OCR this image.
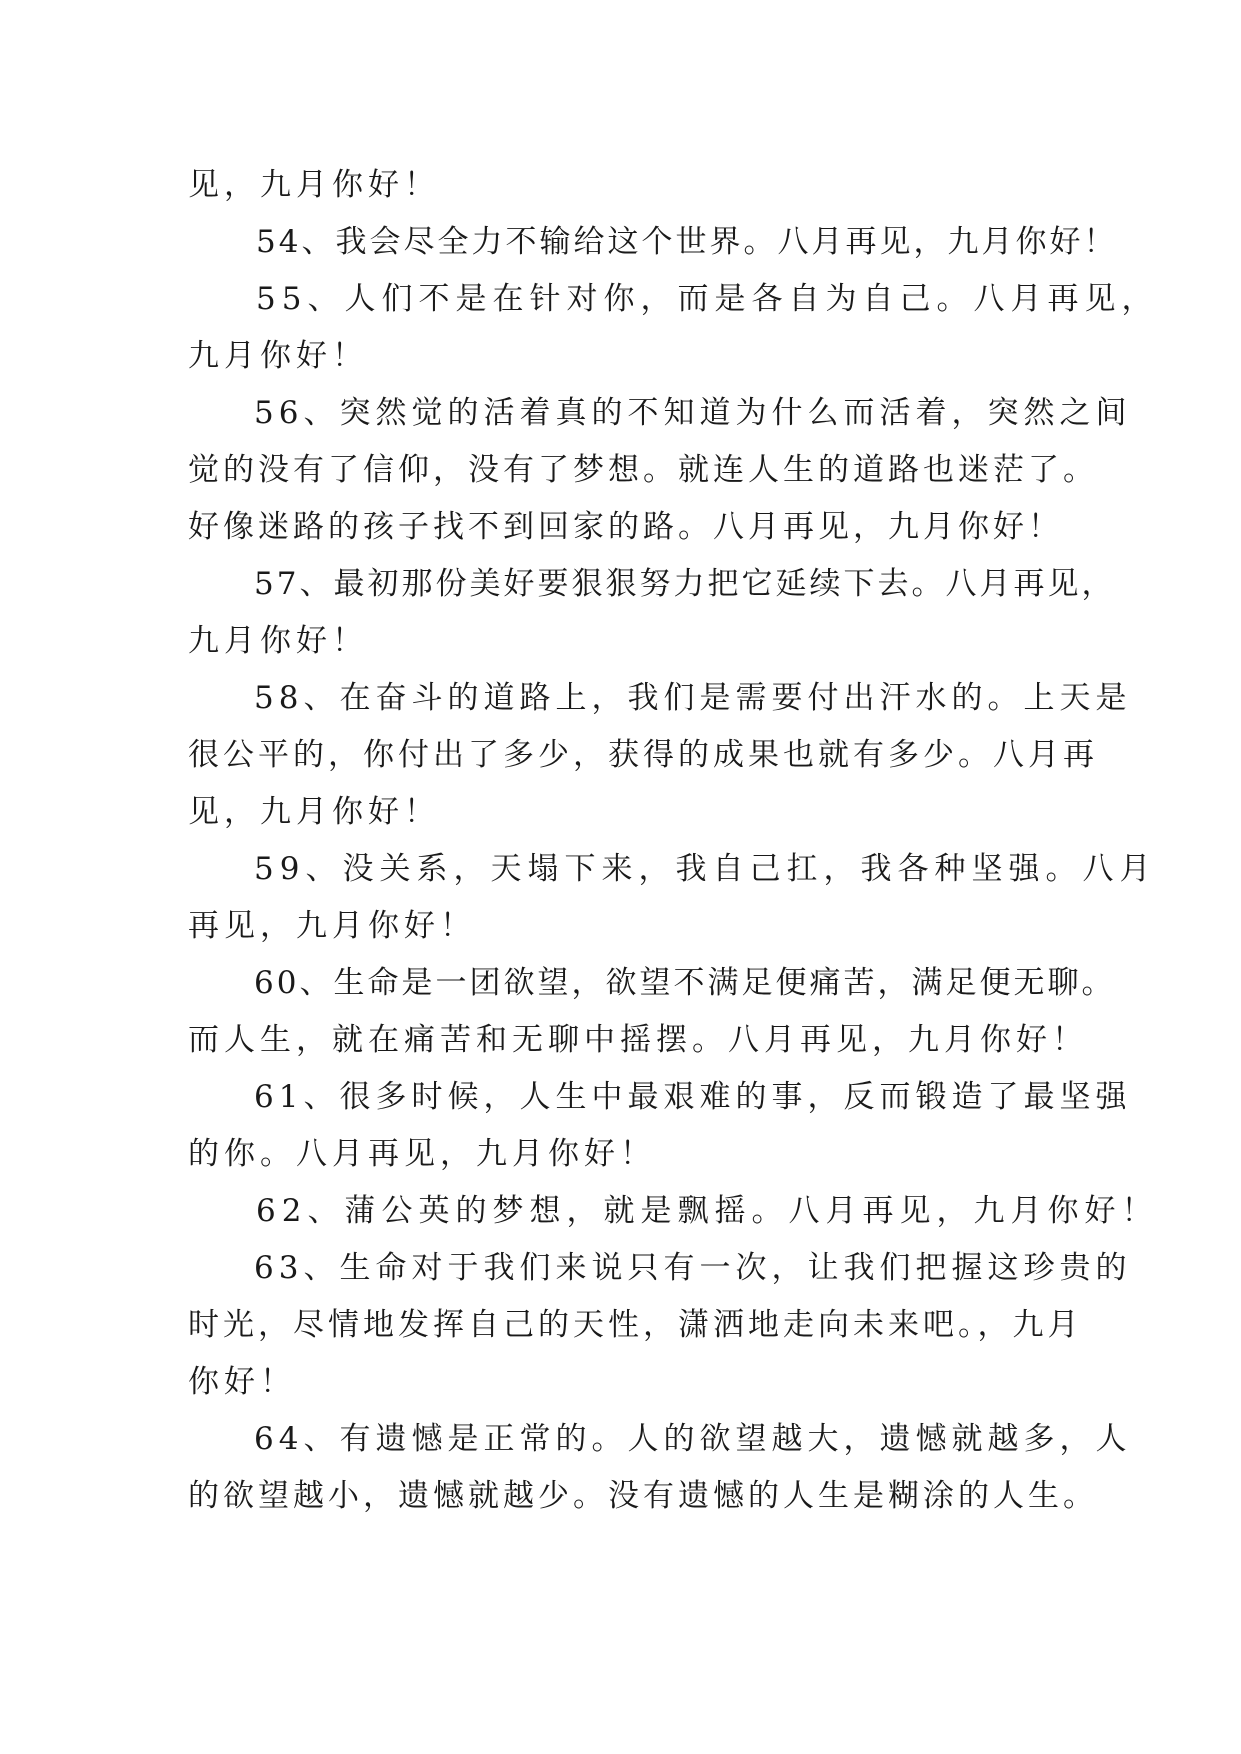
见，九月你好！
54、我会尽全力不输给这个世界。八月再见，九月你好！
55、人们不是在针对你，而是各自为自己。八月再见，
九月你好！
56、突然觉的活着真的不知道为什么而活着，突然之间
觉的没有了信仰，没有了梦想。就连人生的道路也迷茫了。
好像迷路的孩子找不到回家的路。八月再见，九月你好！
57、最初那份美好要狠狠努力把它延续下去。八月再见，
九月你好！
58、在奋斗的道路上，我们是需要付出汗水的。上天是
很公平的，你付出了多少，获得的成果也就有多少。八月再
见，九月你好！
59、没关系，天塌下来，我自己扛，我各种坚强。八月
再见，九月你好！
60、生命是一团欲望，欲望不满足便痛苦，满足便无聊。
而人生，就在痛苦和无聊中摇摆。八月再见，九月你好！
61、很多时候，人生中最艰难的事，反而锻造了最坚强
的你。八月再见，九月你好！
62、蒲公英的梦想，就是飘摇。八月再见，九月你好！
63、生命对于我们来说只有一次，让我们把握这珍贵的
时光，尽情地发挥自己的天性，潇洒地走向未来吧。，九月
你好！
64、有遗憾是正常的。人的欲望越大，遗憾就越多，人
的欲望越小，遗憾就越少。没有遗憾的人生是糊涂的人生。
